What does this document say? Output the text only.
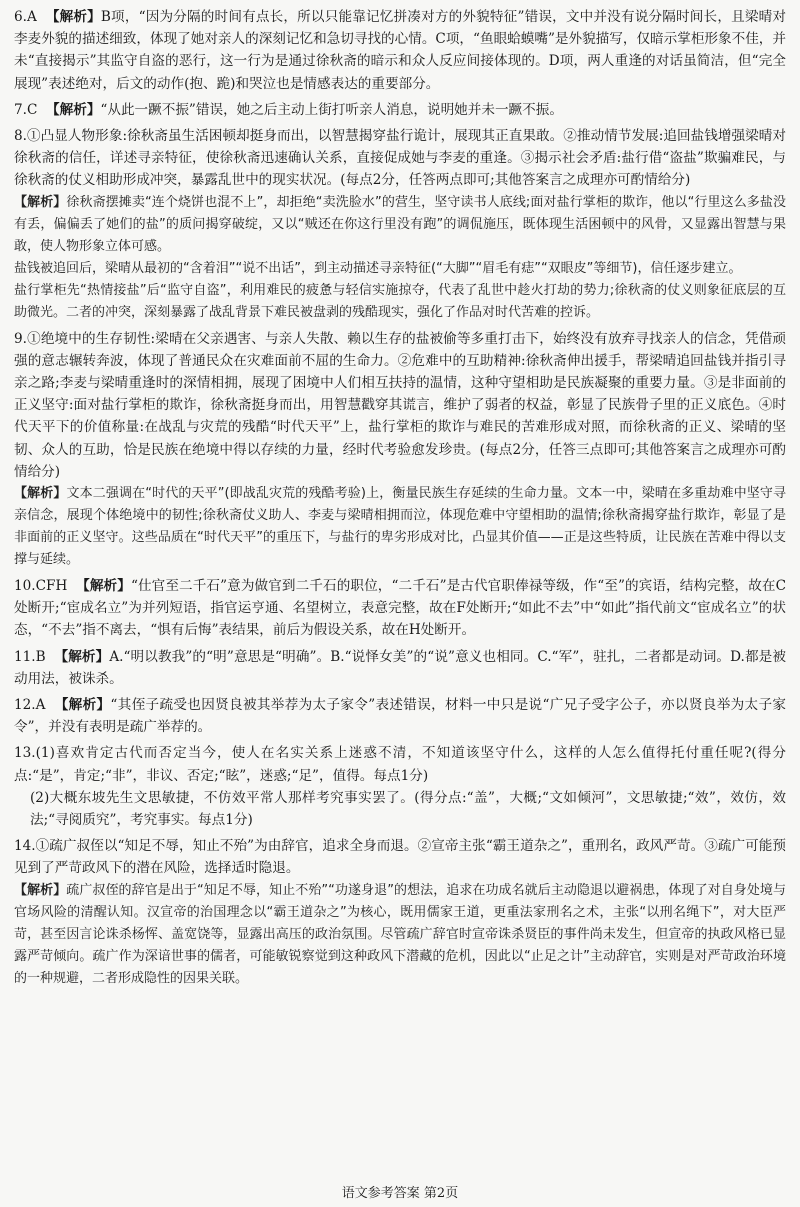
6.A 【解析】B项，“因为分隔的时间有点长，所以只能靠记忆拼凑对方的外貌特征”错误，文中并没有说分隔时间长，且梁晴对李麦外貌的描述细致，体现了她对亲人的深刻记忆和急切寻找的心情。C项，“鱼眼蛤蟆嘴”是外貌描写，仅暗示掌柜形象不佳，并未“直接揭示”其监守自盗的恶行，这一行为是通过徐秋斋的暗示和众人反应间接体现的。D项，两人重逢的对话虽简洁，但“完全展现”表述绝对，后文的动作(抱、跪)和哭泣也是情感表达的重要部分。

7.C 【解析】“从此一蹶不振”错误，她之后主动上街打听亲人消息，说明她并未一蹶不振。

8.①凸显人物形象:徐秋斋虽生活困顿却挺身而出，以智慧揭穿盐行诡计，展现其正直果敢。②推动情节发展:追回盐钱增强梁晴对徐秋斋的信任，详述寻亲特征，使徐秋斋迅速确认关系，直接促成她与李麦的重逢。③揭示社会矛盾:盐行借“盗盐”欺骗难民，与徐秋斋的仗义相助形成冲突，暴露乱世中的现实状况。(每点2分，任答两点即可;其他答案言之成理亦可酌情给分)

【解析】徐秋斋摆摊卖“连个烧饼也混不上”，却拒绝“卖洗脸水”的营生，坚守读书人底线;面对盐行掌柜的欺诈，他以“行里这么多盐没有丢，偏偏丢了她们的盐”的质问揭穿破绽，又以“贼还在你这行里没有跑”的调侃施压，既体现生活困顿中的风骨，又显露出智慧与果敢，使人物形象立体可感。

盐钱被追回后，梁晴从最初的“含着泪”“说不出话”，到主动描述寻亲特征(“大脚”“眉毛有痣”“双眼皮”等细节)，信任逐步建立。

盐行掌柜先“热情接盐”后“监守自盗”，利用难民的疲惫与轻信实施掠夺，代表了乱世中趁火打劫的势力;徐秋斋的仗义则象征底层的互助微光。二者的冲突，深刻暴露了战乱背景下难民被盘剥的残酷现实，强化了作品对时代苦难的控诉。

9.①绝境中的生存韧性:梁晴在父亲遇害、与亲人失散、赖以生存的盐被偷等多重打击下，始终没有放弃寻找亲人的信念，凭借顽强的意志辗转奔波，体现了普通民众在灾难面前不屈的生命力。②危难中的互助精神:徐秋斋伸出援手，帮梁晴追回盐钱并指引寻亲之路;李麦与梁晴重逢时的深情相拥，展现了困境中人们相互扶持的温情，这种守望相助是民族凝聚的重要力量。③是非面前的正义坚守:面对盐行掌柜的欺诈，徐秋斋挺身而出，用智慧戳穿其谎言，维护了弱者的权益，彰显了民族骨子里的正义底色。④时代天平下的价值称量:在战乱与灾荒的残酷“时代天平”上，盐行掌柜的欺诈与难民的苦难形成对照，而徐秋斋的正义、梁晴的坚韧、众人的互助，恰是民族在绝境中得以存续的力量，经时代考验愈发珍贵。(每点2分，任答三点即可;其他答案言之成理亦可酌情给分)

【解析】文本二强调在“时代的天平”(即战乱灾荒的残酷考验)上，衡量民族生存延续的生命力量。文本一中，梁晴在多重劫难中坚守寻亲信念，展现个体绝境中的韧性;徐秋斋仗义助人、李麦与梁晴相拥而泣，体现危难中守望相助的温情;徐秋斋揭穿盐行欺诈，彰显了是非面前的正义坚守。这些品质在“时代天平”的重压下，与盐行的卑劣形成对比，凸显其价值——正是这些特质，让民族在苦难中得以支撑与延续。

10.CFH 【解析】“仕官至二千石”意为做官到二千石的职位，“二千石”是古代官职俸禄等级，作“至”的宾语，结构完整，故在C处断开;“宦成名立”为并列短语，指官运亨通、名望树立，表意完整，故在F处断开;“如此不去”中“如此”指代前文“宦成名立”的状态，“不去”指不离去，“惧有后悔”表结果，前后为假设关系，故在H处断开。

11.B 【解析】A.“明以教我”的“明”意思是“明确”。B.“说怿女美”的“说”意义也相同。C.“军”，驻扎，二者都是动词。D.都是被动用法，被诛杀。

12.A 【解析】“其侄子疏受也因贤良被其举荐为太子家令”表述错误，材料一中只是说“广兄子受字公子，亦以贤良举为太子家令”，并没有表明是疏广举荐的。

13.(1)喜欢肯定古代而否定当今，使人在名实关系上迷惑不清，不知道该坚守什么，这样的人怎么值得托付重任呢?(得分点:“是”，肯定;“非”，非议、否定;“眩”，迷惑;“足”，值得。每点1分)

(2)大概东坡先生文思敏捷，不仿效平常人那样考究事实罢了。(得分点:“盖”，大概;“文如倾河”，文思敏捷;“效”，效仿，效法;“寻阅质究”，考究事实。每点1分)

14.①疏广叔侄以“知足不辱，知止不殆”为由辞官，追求全身而退。②宣帝主张“霸王道杂之”，重刑名，政风严苛。③疏广可能预见到了严苛政风下的潜在风险，选择适时隐退。

【解析】疏广叔侄的辞官是出于“知足不辱，知止不殆”“功遂身退”的想法，追求在功成名就后主动隐退以避祸患，体现了对自身处境与官场风险的清醒认知。汉宣帝的治国理念以“霸王道杂之”为核心，既用儒家王道，更重法家刑名之术，主张“以刑名绳下”，对大臣严苛，甚至因言论诛杀杨恽、盖宽饶等，显露出高压的政治氛围。尽管疏广辞官时宣帝诛杀贤臣的事件尚未发生，但宣帝的执政风格已显露严苛倾向。疏广作为深谙世事的儒者，可能敏锐察觉到这种政风下潜藏的危机，因此以“止足之计”主动辞官，实则是对严苛政治环境的一种规避，二者形成隐性的因果关联。

语文参考答案 第2页
